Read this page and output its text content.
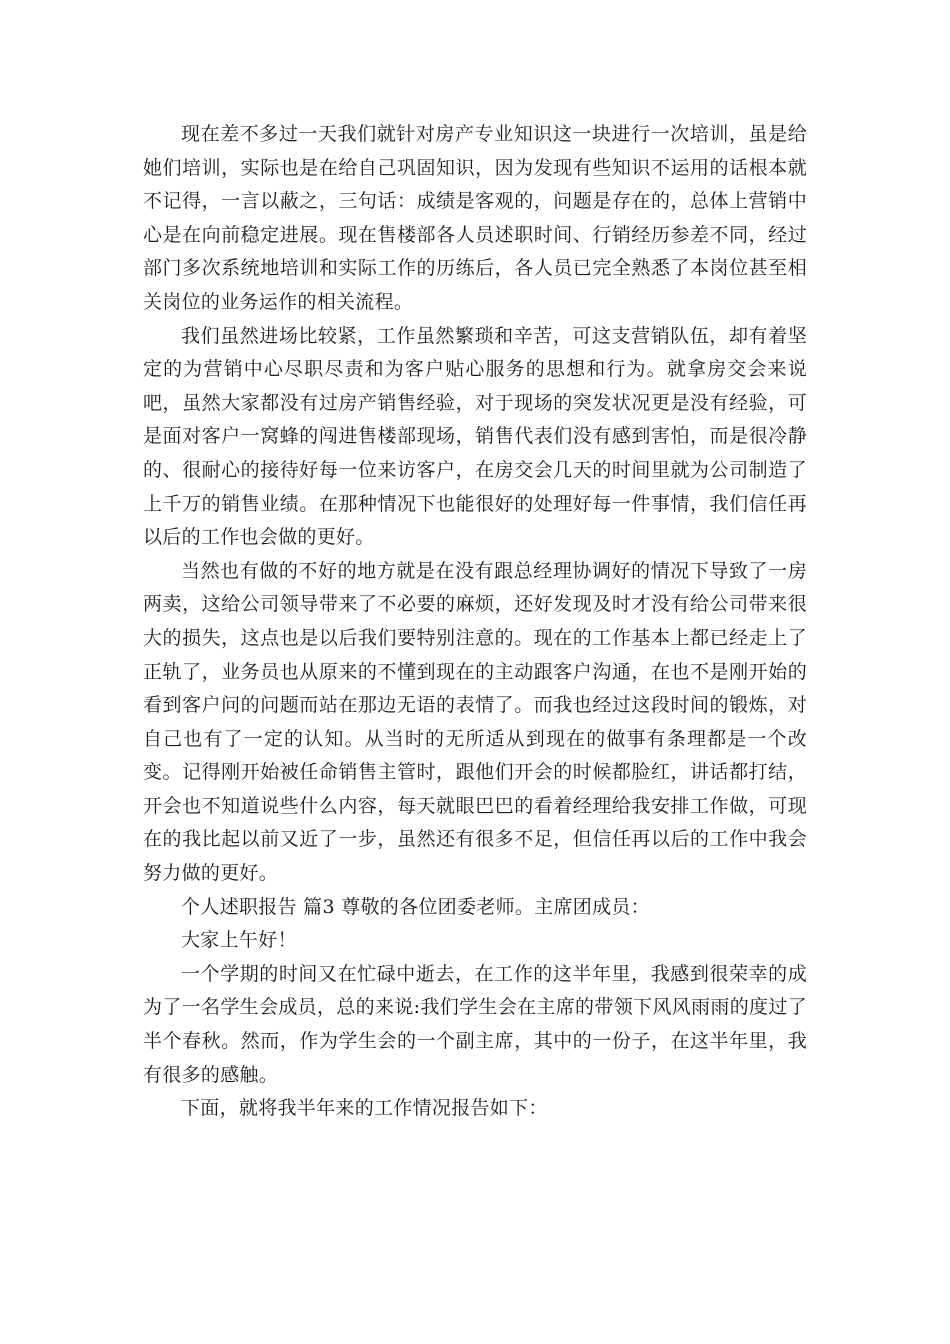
现在差不多过一天我们就针对房产专业知识这一块进行一次培训，虽是给她们培训，实际也是在给自己巩固知识，因为发现有些知识不运用的话根本就不记得，一言以蔽之，三句话：成绩是客观的，问题是存在的，总体上营销中心是在向前稳定进展。现在售楼部各人员述职时间、行销经历参差不同，经过部门多次系统地培训和实际工作的历练后，各人员已完全熟悉了本岗位甚至相关岗位的业务运作的相关流程。

我们虽然进场比较紧，工作虽然繁琐和辛苦，可这支营销队伍，却有着坚定的为营销中心尽职尽责和为客户贴心服务的思想和行为。就拿房交会来说吧，虽然大家都没有过房产销售经验，对于现场的突发状况更是没有经验，可是面对客户一窝蜂的闯进售楼部现场，销售代表们没有感到害怕，而是很冷静的、很耐心的接待好每一位来访客户，在房交会几天的时间里就为公司制造了上千万的销售业绩。在那种情况下也能很好的处理好每一件事情，我们信任再以后的工作也会做的更好。

当然也有做的不好的地方就是在没有跟总经理协调好的情况下导致了一房两卖，这给公司领导带来了不必要的麻烦，还好发现及时才没有给公司带来很大的损失，这点也是以后我们要特别注意的。现在的工作基本上都已经走上了正轨了，业务员也从原来的不懂到现在的主动跟客户沟通，在也不是刚开始的看到客户问的问题而站在那边无语的表情了。而我也经过这段时间的锻炼，对自己也有了一定的认知。从当时的无所适从到现在的做事有条理都是一个改变。记得刚开始被任命销售主管时，跟他们开会的时候都脸红，讲话都打结，开会也不知道说些什么内容，每天就眼巴巴的看着经理给我安排工作做，可现在的我比起以前又近了一步，虽然还有很多不足，但信任再以后的工作中我会努力做的更好。

个人述职报告 篇3 尊敬的各位团委老师。主席团成员：

大家上午好！

一个学期的时间又在忙碌中逝去，在工作的这半年里，我感到很荣幸的成为了一名学生会成员，总的来说:我们学生会在主席的带领下风风雨雨的度过了半个春秋。然而，作为学生会的一个副主席，其中的一份子，在这半年里，我有很多的感触。

下面，就将我半年来的工作情况报告如下：
